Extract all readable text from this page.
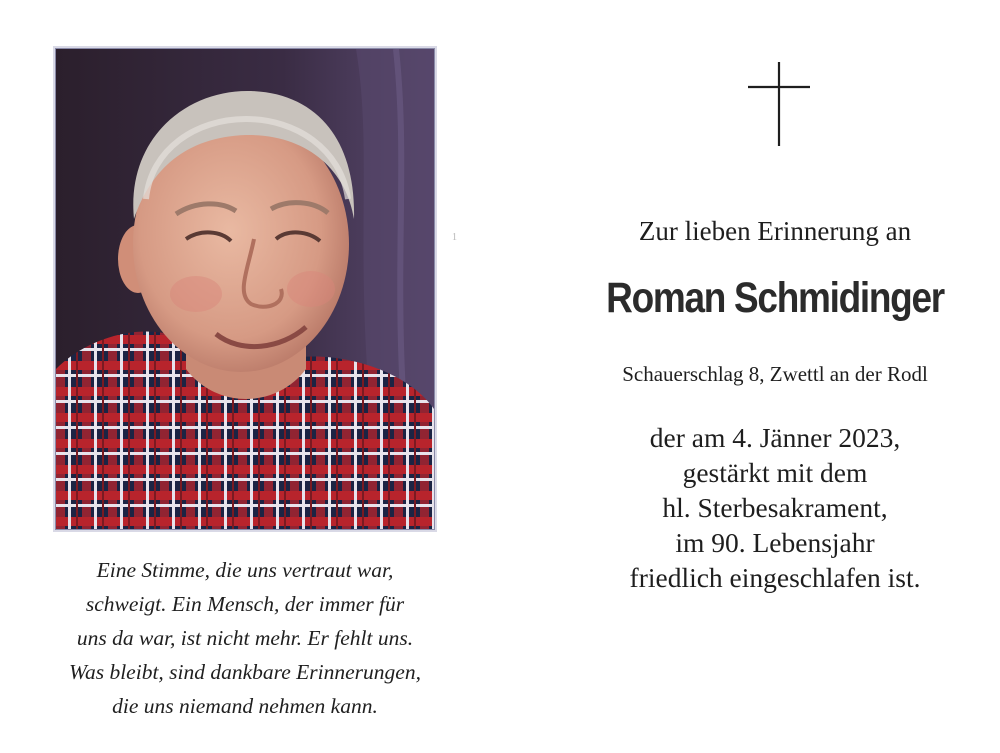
1
Eine Stimme, die uns vertraut war,
schweigt. Ein Mensch, der immer für
uns da war, ist nicht mehr. Er fehlt uns.
Was bleibt, sind dankbare Erinnerungen,
die uns niemand nehmen kann.
Zur lieben Erinnerung an
Roman Schmidinger
Schauerschlag 8, Zwettl an der Rodl
der am 4. Jänner 2023,
gestärkt mit dem
hl. Sterbesakrament,
im 90. Lebensjahr
friedlich eingeschlafen ist.
